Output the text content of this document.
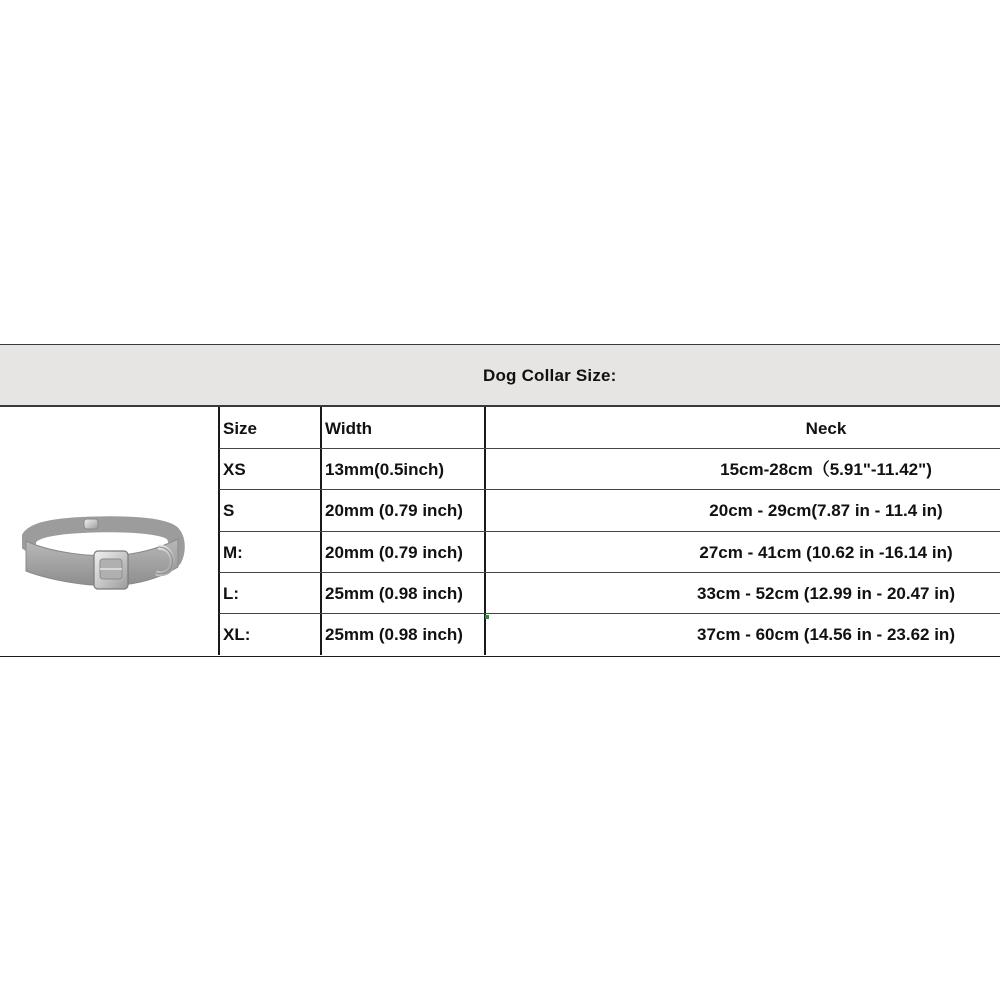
Dog Collar Size:
Size	Width	Neck
XS	13mm(0.5inch)	15cm-28cm（5.91"-11.42")
S	20mm (0.79 inch)	20cm - 29cm(7.87 in - 11.4 in)
M:	20mm (0.79 inch)	27cm - 41cm (10.62 in -16.14 in)
L:	25mm (0.98 inch)	33cm - 52cm (12.99 in - 20.47 in)
XL:	25mm (0.98 inch)	37cm - 60cm (14.56 in - 23.62 in)
